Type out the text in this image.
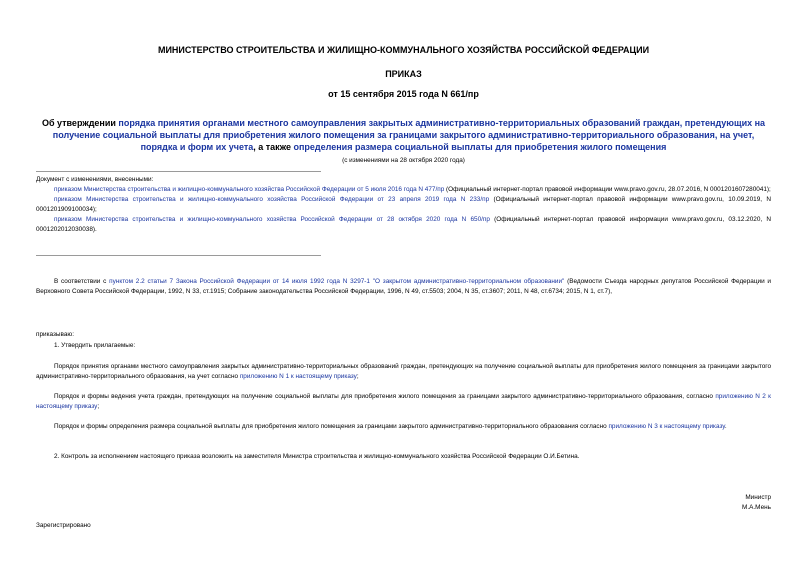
МИНИСТЕРСТВО СТРОИТЕЛЬСТВА И ЖИЛИЩНО-КОММУНАЛЬНОГО ХОЗЯЙСТВА РОССИЙСКОЙ ФЕДЕРАЦИИ
ПРИКАЗ
от 15 сентября 2015 года N 661/пр
Об утверждении порядка принятия органами местного самоуправления закрытых административно-территориальных образований граждан, претендующих на получение социальной выплаты для приобретения жилого помещения за границами закрытого административно-территориального образования, на учет, порядка и форм их учета, а также определения размера социальной выплаты для приобретения жилого помещения
(с изменениями на 28 октября 2020 года)
Документ с изменениями, внесенными:
приказом Министерства строительства и жилищно-коммунального хозяйства Российской Федерации от 5 июля 2016 года N 477/пр (Официальный интернет-портал правовой информации www.pravo.gov.ru, 28.07.2016, N 0001201607280041);
приказом Министерства строительства и жилищно-коммунального хозяйства Российской Федерации от 23 апреля 2019 года N 233/пр (Официальный интернет-портал правовой информации www.pravo.gov.ru, 10.09.2019, N 0001201909100034);
приказом Министерства строительства и жилищно-коммунального хозяйства Российской Федерации от 28 октября 2020 года N 650/пр (Официальный интернет-портал правовой информации www.pravo.gov.ru, 03.12.2020, N 0001202012030038).
В соответствии с пунктом 2.2 статьи 7 Закона Российской Федерации от 14 июля 1992 года N 3297-1 "О закрытом административно-территориальном образовании" (Ведомости Съезда народных депутатов Российской Федерации и Верховного Совета Российской Федерации, 1992, N 33, ст.1915; Собрание законодательства Российской Федерации, 1996, N 49, ст.5503; 2004, N 35, ст.3607; 2011, N 48, ст.6734; 2015, N 1, ст.7),
приказываю:
1. Утвердить прилагаемые:
Порядок принятия органами местного самоуправления закрытых административно-территориальных образований граждан, претендующих на получение социальной выплаты для приобретения жилого помещения за границами закрытого административно-территориального образования, на учет согласно приложению N 1 к настоящему приказу;
Порядок и формы ведения учета граждан, претендующих на получение социальной выплаты для приобретения жилого помещения за границами закрытого административно-территориального образования, согласно приложению N 2 к настоящему приказу;
Порядок и формы определения размера социальной выплаты для приобретения жилого помещения за границами закрытого административно-территориального образования согласно приложению N 3 к настоящему приказу.
2. Контроль за исполнением настоящего приказа возложить на заместителя Министра строительства и жилищно-коммунального хозяйства Российской Федерации О.И.Бетина.
Министр
М.А.Мень
Зарегистрировано
